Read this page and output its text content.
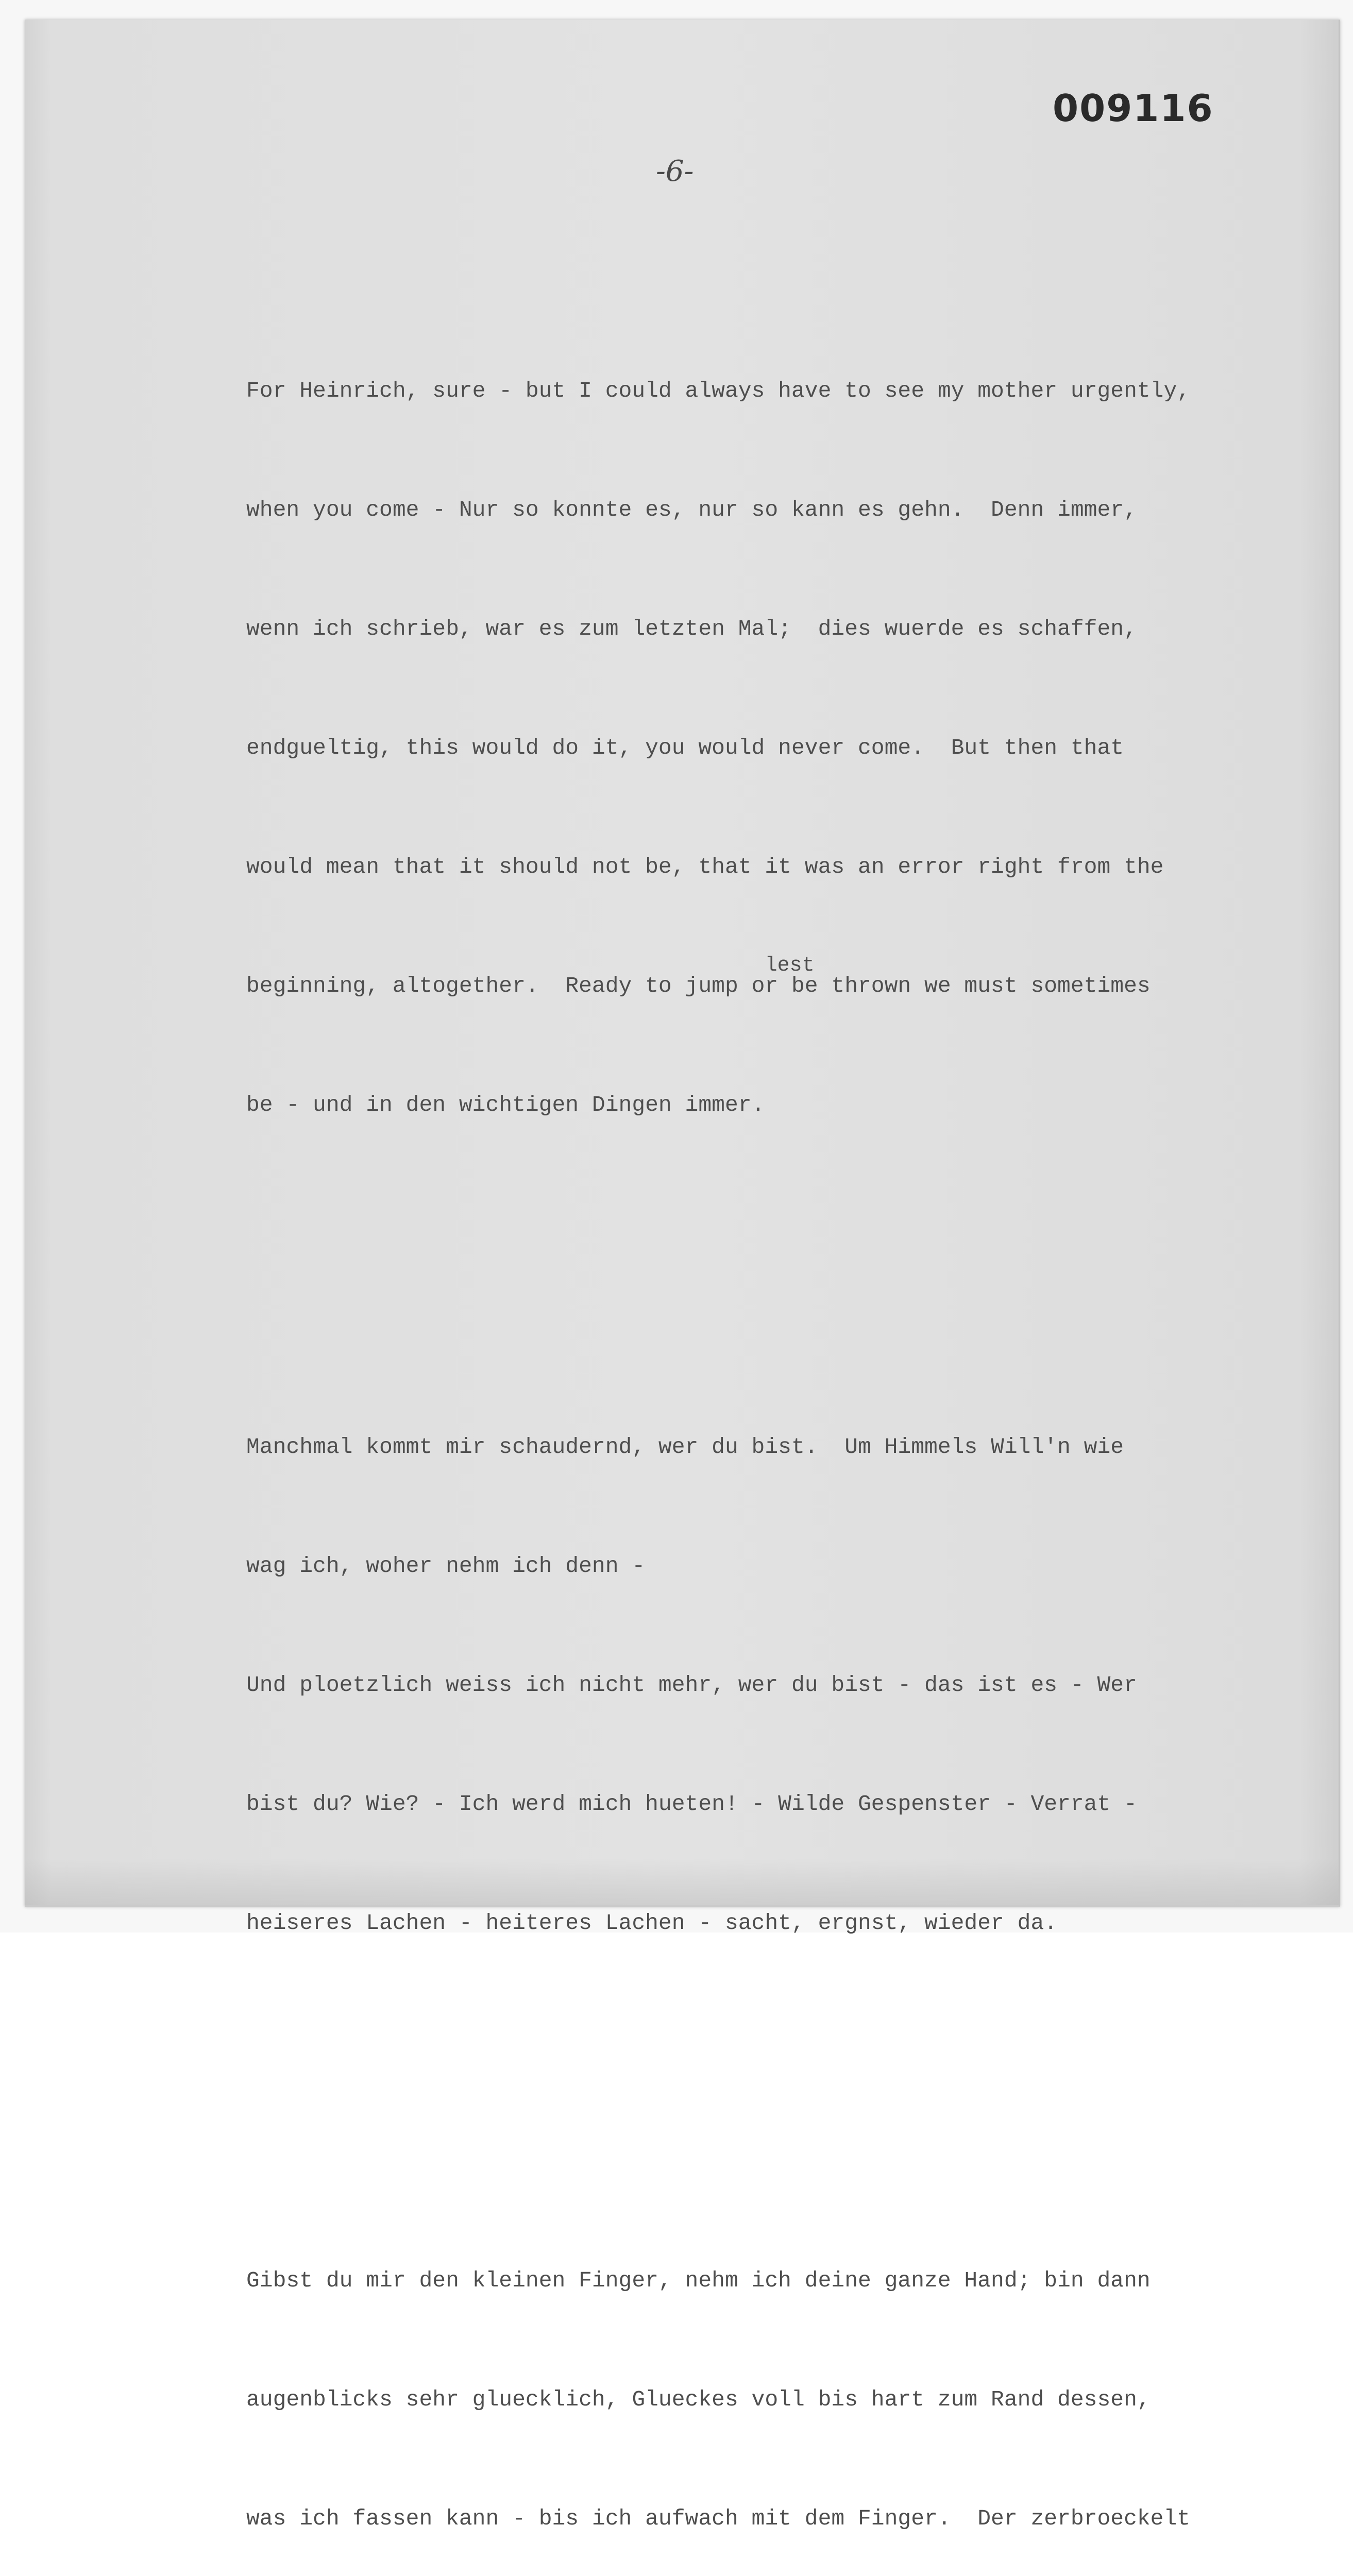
009116
-6-

For Heinrich, sure - but I could always have to see my mother urgently,

when you come - Nur so konnte es, nur so kann es gehn.  Denn immer,

wenn ich schrieb, war es zum letzten Mal;  dies wuerde es schaffen,

endgueltig, this would do it, you would never come.  But then that

would mean that it should not be, that it was an error right from the

beginning, altogether.  Ready to jump
lest
or be thrown we must sometimes

be - und in den wichtigen Dingen immer.

Manchmal kommt mir schaudernd, wer du bist.  Um Himmels Will'n wie

wag ich, woher nehm ich denn -

Und ploetzlich weiss ich nicht mehr, wer du bist - das ist es - Wer

bist du? Wie? - Ich werd mich hueten! - Wilde Gespenster - Verrat -

heiseres Lachen - heiteres Lachen - sacht, ergnst, wieder da.

Gibst du mir den kleinen Finger, nehm ich deine ganze Hand; bin dann

augenblicks sehr gluecklich, Glueckes voll bis hart zum Rand dessen,

was ich fassen kann - bis ich aufwach mit dem Finger.  Der zerbroeckelt
